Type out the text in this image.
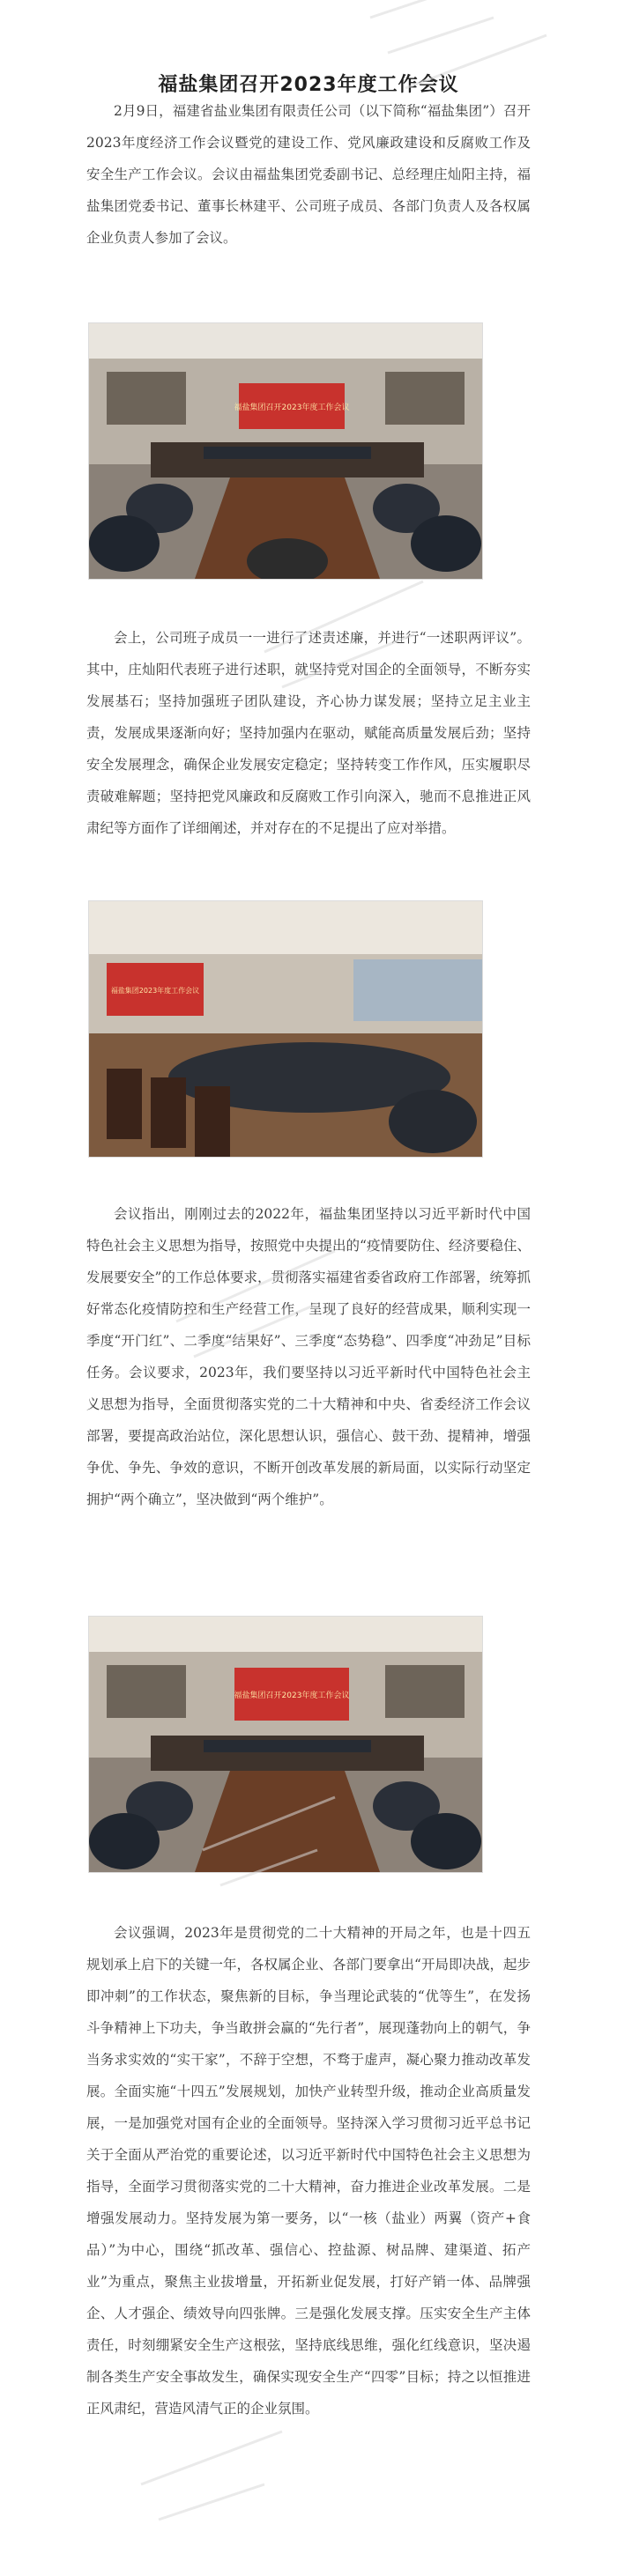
福盐集团召开2023年度工作会议

2月9日，福建省盐业集团有限责任公司（以下简称“福盐集团”）召开2023年度经济工作会议暨党的建设工作、党风廉政建设和反腐败工作及安全生产工作会议。会议由福盐集团党委副书记、总经理庄灿阳主持，福盐集团党委书记、董事长林建平、公司班子成员、各部门负责人及各权属企业负责人参加了会议。

福盐集团召开2023年度工作会议

会上，公司班子成员一一进行了述责述廉，并进行“一述职两评议”。其中，庄灿阳代表班子进行述职，就坚持党对国企的全面领导，不断夯实发展基石；坚持加强班子团队建设，齐心协力谋发展；坚持立足主业主责，发展成果逐渐向好；坚持加强内在驱动，赋能高质量发展后劲；坚持安全发展理念，确保企业发展安定稳定；坚持转变工作作风，压实履职尽责破难解题；坚持把党风廉政和反腐败工作引向深入，驰而不息推进正风肃纪等方面作了详细阐述，并对存在的不足提出了应对举措。

福盐集团2023年度工作会议

会议指出，刚刚过去的2022年，福盐集团坚持以习近平新时代中国特色社会主义思想为指导，按照党中央提出的“疫情要防住、经济要稳住、发展要安全”的工作总体要求，贯彻落实福建省委省政府工作部署，统筹抓好常态化疫情防控和生产经营工作，呈现了良好的经营成果，顺利实现一季度“开门红”、二季度“结果好”、三季度“态势稳”、四季度“冲劲足”目标任务。会议要求，2023年，我们要坚持以习近平新时代中国特色社会主义思想为指导，全面贯彻落实党的二十大精神和中央、省委经济工作会议部署，要提高政治站位，深化思想认识，强信心、鼓干劲、提精神，增强争优、争先、争效的意识，不断开创改革发展的新局面，以实际行动坚定拥护“两个确立”，坚决做到“两个维护”。

福盐集团召开2023年度工作会议

会议强调，2023年是贯彻党的二十大精神的开局之年，也是十四五规划承上启下的关键一年，各权属企业、各部门要拿出“开局即决战，起步即冲刺”的工作状态，聚焦新的目标，争当理论武装的“优等生”，在发扬斗争精神上下功夫，争当敢拼会赢的“先行者”，展现蓬勃向上的朝气，争当务求实效的“实干家”，不辞于空想，不骛于虚声，凝心聚力推动改革发展。全面实施“十四五”发展规划，加快产业转型升级，推动企业高质量发展，一是加强党对国有企业的全面领导。坚持深入学习贯彻习近平总书记关于全面从严治党的重要论述，以习近平新时代中国特色社会主义思想为指导，全面学习贯彻落实党的二十大精神，奋力推进企业改革发展。二是增强发展动力。坚持发展为第一要务，以“一核（盐业）两翼（资产+食品）”为中心，围绕“抓改革、强信心、控盐源、树品牌、建渠道、拓产业”为重点，聚焦主业拔增量，开拓新业促发展，打好产销一体、品牌强企、人才强企、绩效导向四张牌。三是强化发展支撑。压实安全生产主体责任，时刻绷紧安全生产这根弦，坚持底线思维，强化红线意识，坚决遏制各类生产安全事故发生，确保实现安全生产“四零”目标；持之以恒推进正风肃纪，营造风清气正的企业氛围。
